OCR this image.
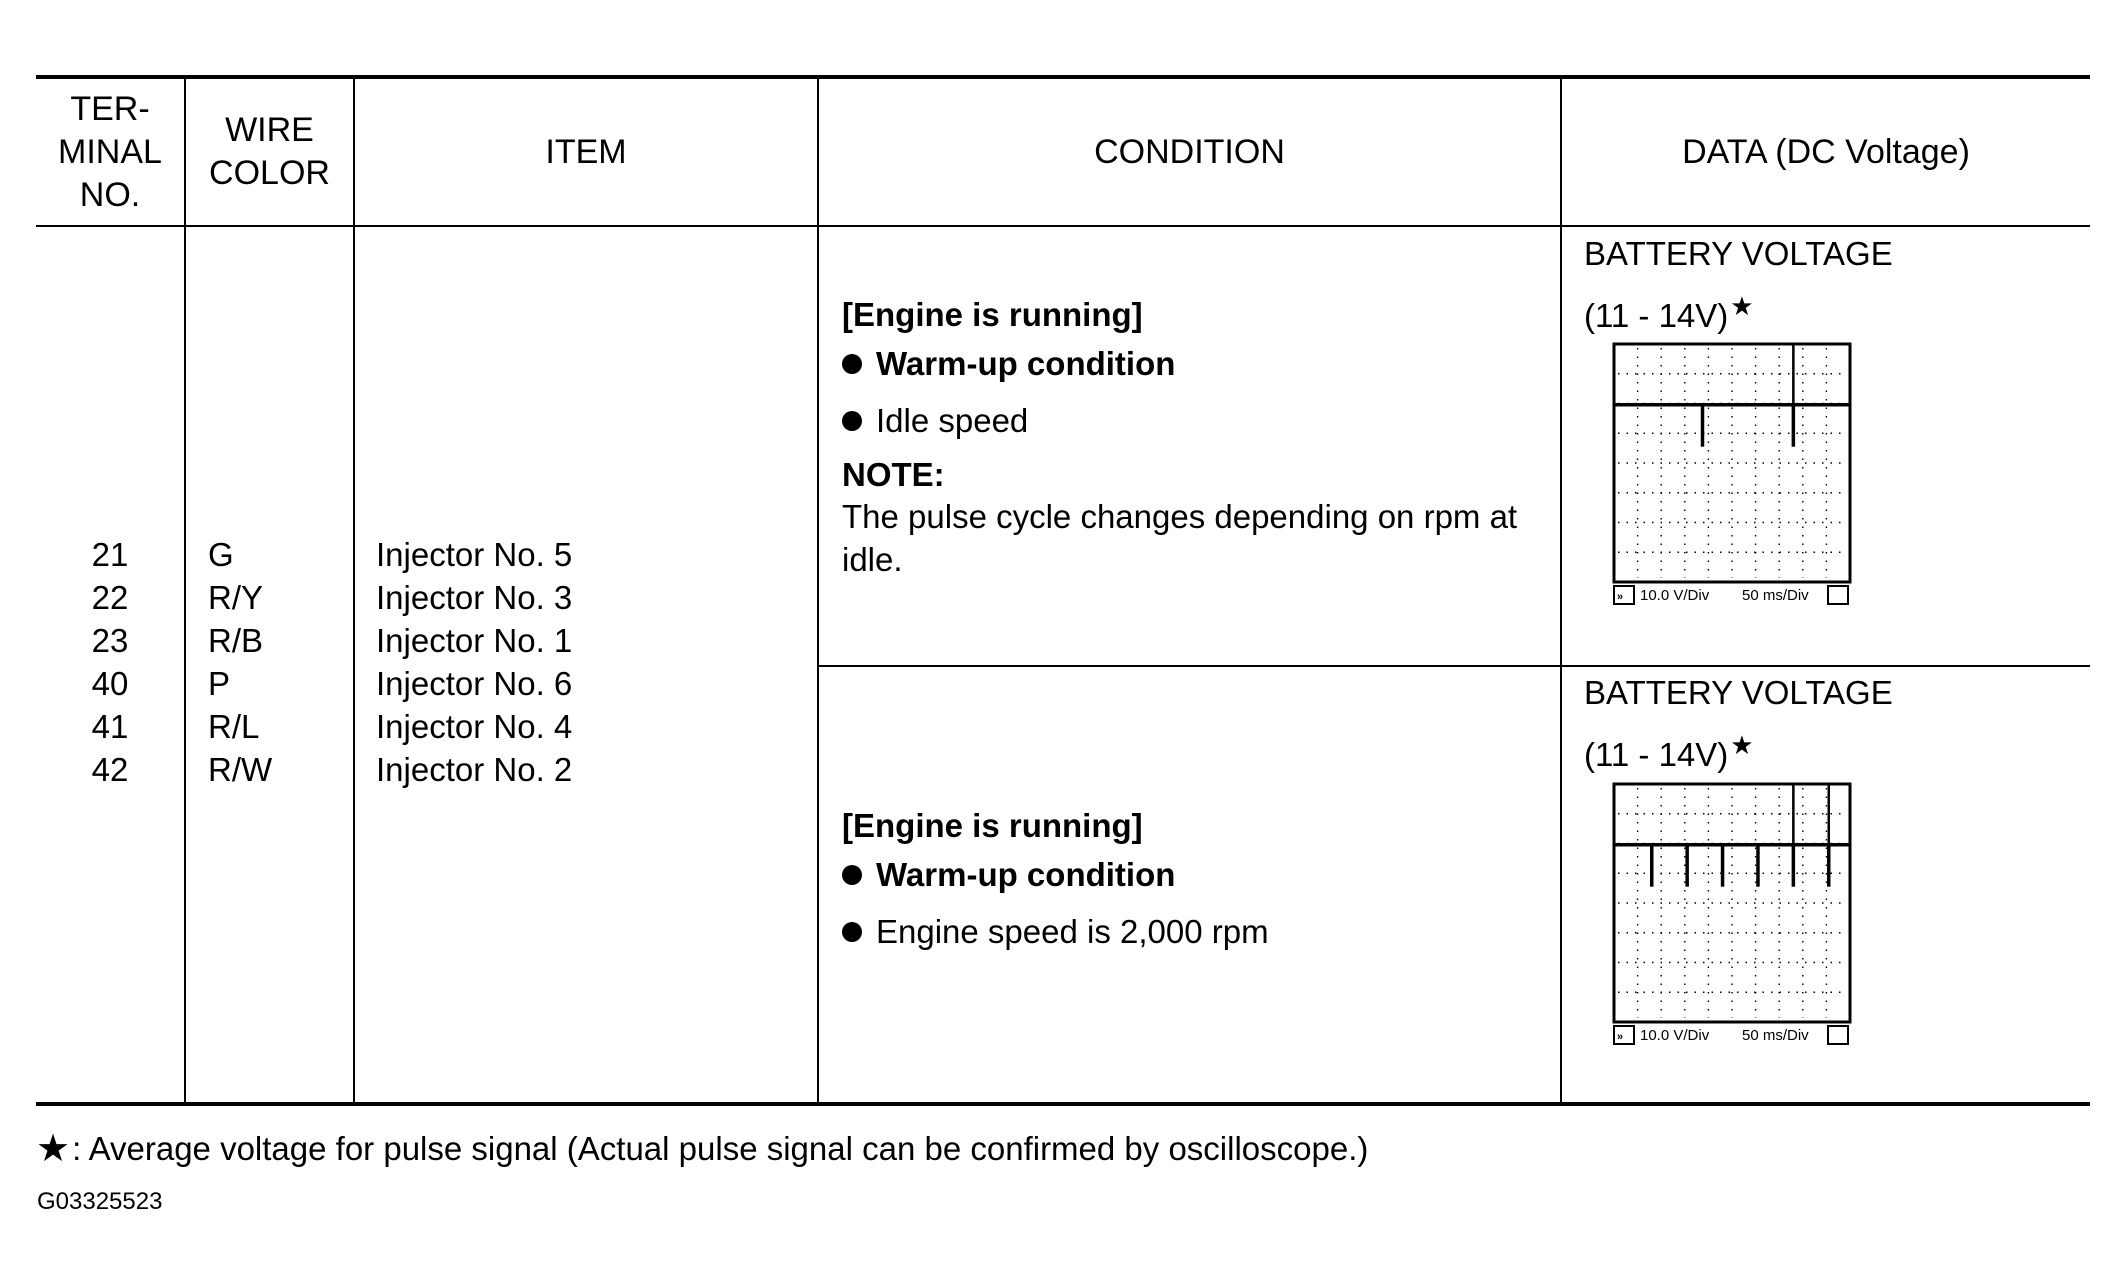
TER-
MINAL
NO.
WIRE
COLOR
ITEM	CONDITION	DATA (DC Voltage)
21
22
23
40
41
42
G
R/Y
R/B
P
R/L
R/W
Injector No. 5
Injector No. 3
Injector No. 1
Injector No. 6
Injector No. 4
Injector No. 2
[Engine is running]
Warm-up condition
Idle speed
NOTE:
The pulse cycle changes depending on rpm at
idle.
[Engine is running]
Warm-up condition
Engine speed is 2,000 rpm
BATTERY VOLTAGE
(11 - 14V)★
» 10.0 V/Div 50 ms/Div
BATTERY VOLTAGE
(11 - 14V)★
» 10.0 V/Div 50 ms/Div
★ : Average voltage for pulse signal (Actual pulse signal can be confirmed by oscilloscope.)
G03325523
